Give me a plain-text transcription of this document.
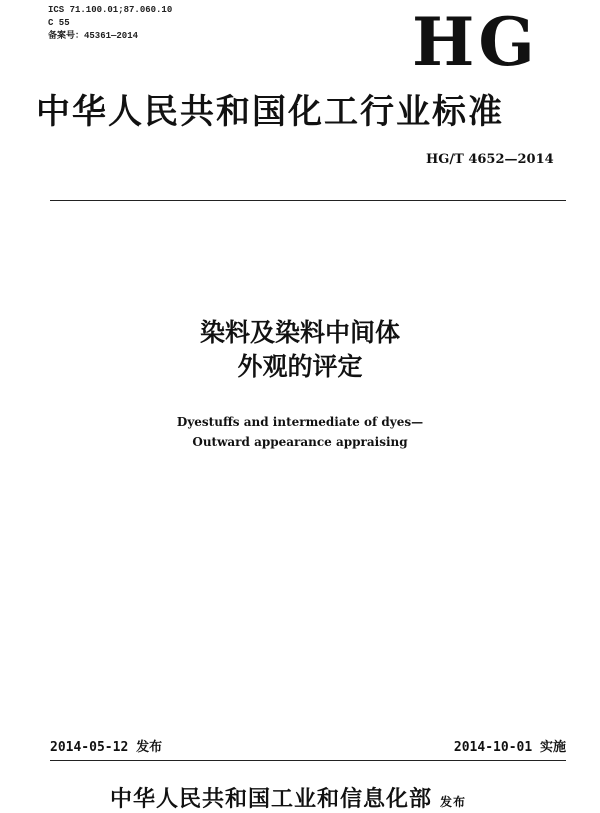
ICS 71.100.01;87.060.10
C 55
备案号：45361—2014	HG
中华人民共和国化工行业标准
HG/T 4652—2014
染料及染料中间体
外观的评定
Dyestuffs and intermediate of dyes—
Outward appearance appraising
2014-05-12 发布	2014-10-01 实施
中华人民共和国工业和信息化部 发布
